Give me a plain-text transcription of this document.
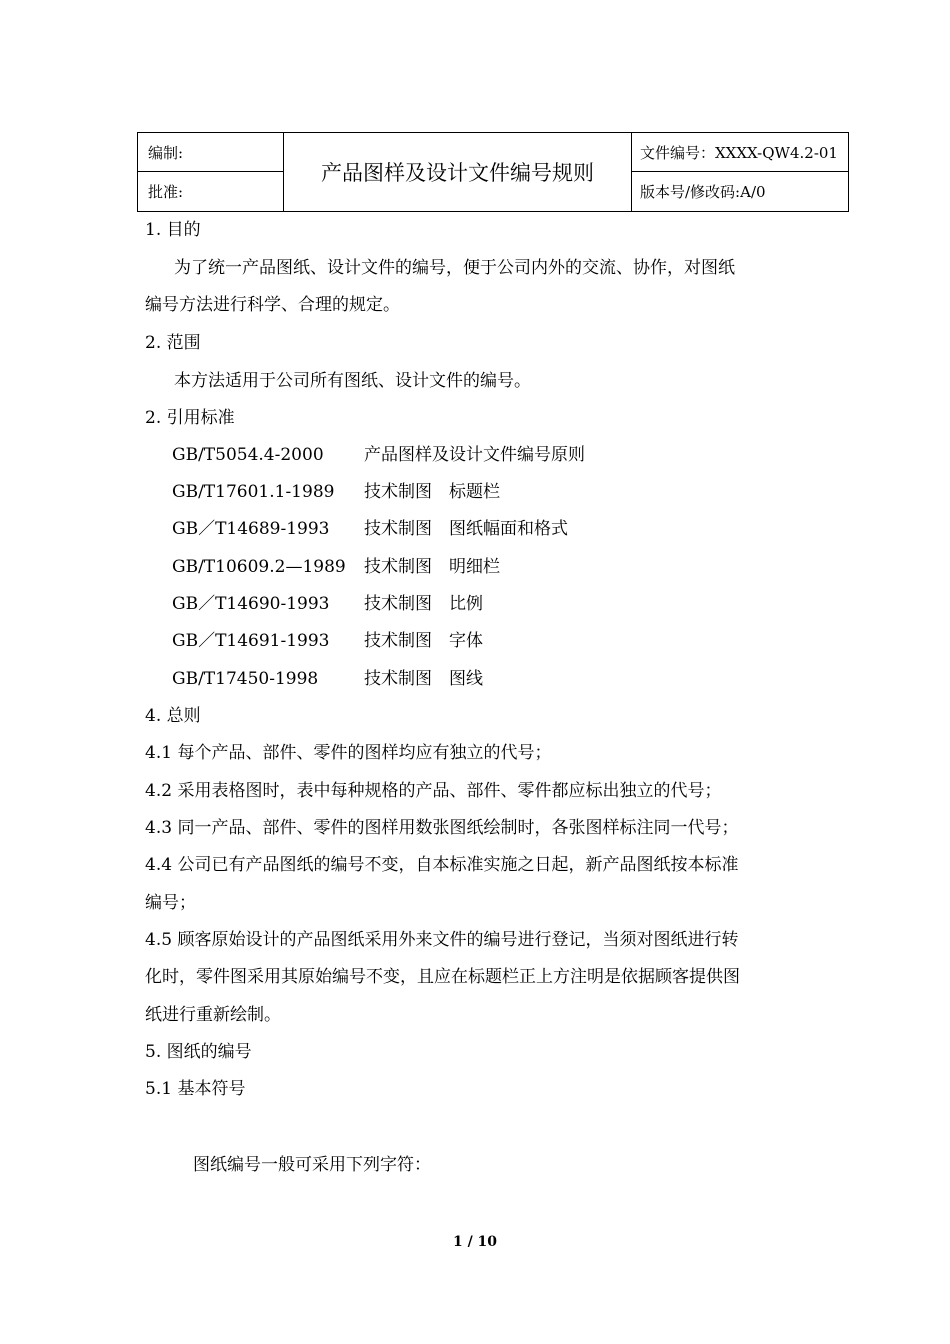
编制:
批准:
产品图样及设计文件编号规则
文件编号：XXXX-QW4.2-01
版本号/修改码:A/0
1. 目的
为了统一产品图纸、设计文件的编号，便于公司内外的交流、协作，对图纸
编号方法进行科学、合理的规定。
2. 范围
本方法适用于公司所有图纸、设计文件的编号。
2. 引用标准
GB/T5054.4-2000 产品图样及设计文件编号原则
GB/T17601.1-1989 技术制图　标题栏
GB／T14689-1993 技术制图　图纸幅面和格式
GB/T10609.2—1989 技术制图　明细栏
GB／T14690-1993 技术制图　比例
GB／T14691-1993 技术制图　字体
GB/T17450-1998	技术制图　图线
4. 总则
4.1 每个产品、部件、零件的图样均应有独立的代号；
4.2 采用表格图时，表中每种规格的产品、部件、零件都应标出独立的代号；
4.3 同一产品、部件、零件的图样用数张图纸绘制时，各张图样标注同一代号；
4.4 公司已有产品图纸的编号不变，自本标准实施之日起，新产品图纸按本标准
编号；
4.5 顾客原始设计的产品图纸采用外来文件的编号进行登记，当须对图纸进行转
化时，零件图采用其原始编号不变，且应在标题栏正上方注明是依据顾客提供图
纸进行重新绘制。
5. 图纸的编号
5.1 基本符号
图纸编号一般可采用下列字符：
1 / 10
